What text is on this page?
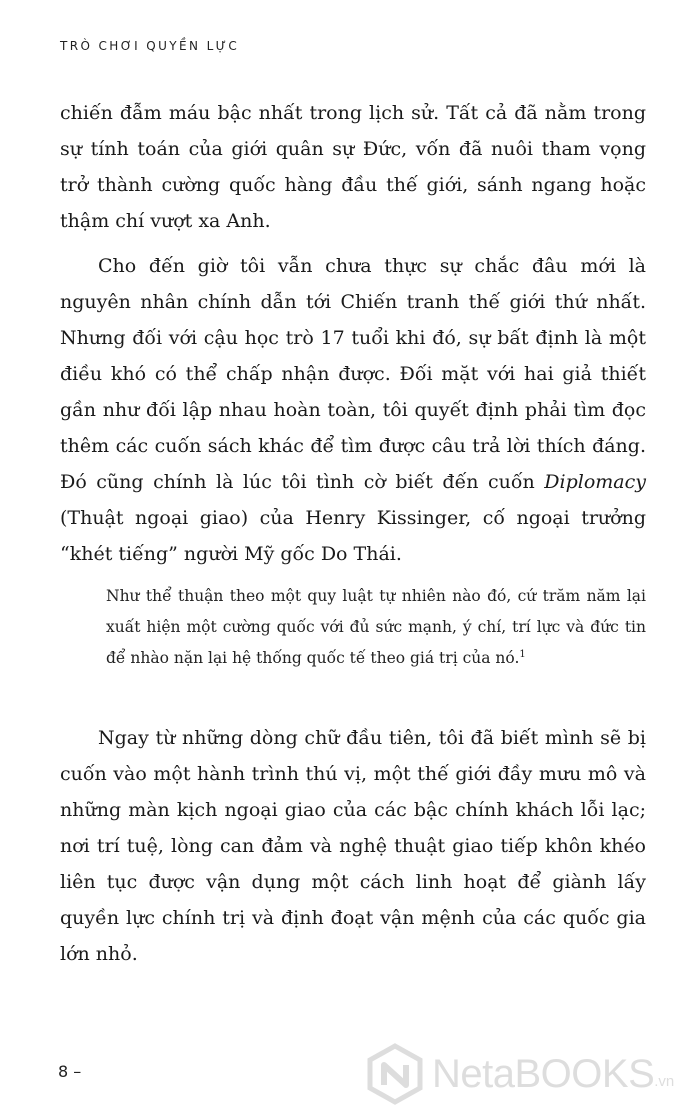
TRÒ CHƠI QUYỀN LỰC

chiến đẫm máu bậc nhất trong lịch sử. Tất cả đã nằm trong sự tính toán của giới quân sự Đức, vốn đã nuôi tham vọng trở thành cường quốc hàng đầu thế giới, sánh ngang hoặc thậm chí vượt xa Anh.

Cho đến giờ tôi vẫn chưa thực sự chắc đâu mới là nguyên nhân chính dẫn tới Chiến tranh thế giới thứ nhất. Nhưng đối với cậu học trò 17 tuổi khi đó, sự bất định là một điều khó có thể chấp nhận được. Đối mặt với hai giả thiết gần như đối lập nhau hoàn toàn, tôi quyết định phải tìm đọc thêm các cuốn sách khác để tìm được câu trả lời thích đáng. Đó cũng chính là lúc tôi tình cờ biết đến cuốn Diplomacy (Thuật ngoại giao) của Henry Kissinger, cố ngoại trưởng “khét tiếng” người Mỹ gốc Do Thái.

Như thể thuận theo một quy luật tự nhiên nào đó, cứ trăm năm lại xuất hiện một cường quốc với đủ sức mạnh, ý chí, trí lực và đức tin để nhào nặn lại hệ thống quốc tế theo giá trị của nó.$^1$

Ngay từ những dòng chữ đầu tiên, tôi đã biết mình sẽ bị cuốn vào một hành trình thú vị, một thế giới đầy mưu mô và những màn kịch ngoại giao của các bậc chính khách lỗi lạc; nơi trí tuệ, lòng can đảm và nghệ thuật giao tiếp khôn khéo liên tục được vận dụng một cách linh hoạt để giành lấy quyền lực chính trị và định đoạt vận mệnh của các quốc gia lớn nhỏ.

8 –	NetaBOOKS .vn
